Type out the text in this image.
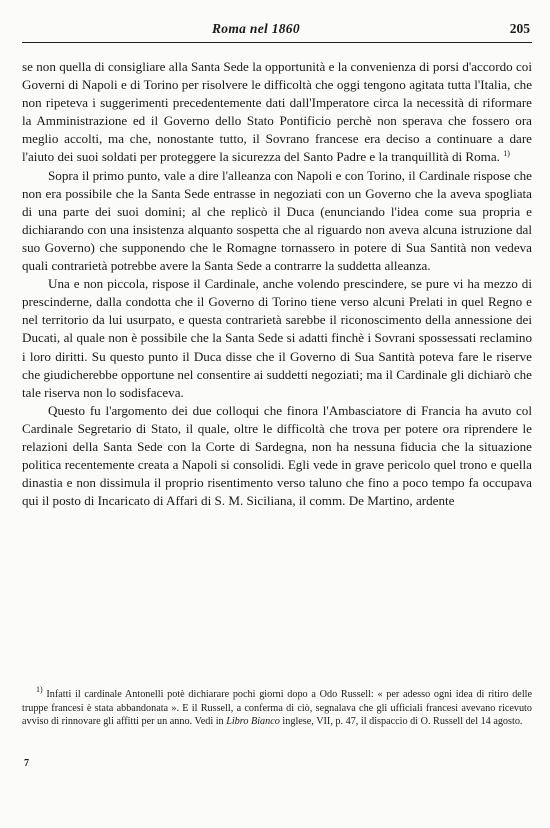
Roma nel 1860	205

se non quella di consigliare alla Santa Sede la opportunità e la convenienza di porsi d'accordo coi Governi di Napoli e di Torino per risolvere le difficoltà che oggi tengono agitata tutta l'Italia, che non ripeteva i suggerimenti precedentemente dati dall'Imperatore circa la necessità di riformare la Amministrazione ed il Governo dello Stato Pontificio perchè non sperava che fossero ora meglio accolti, ma che, nonostante tutto, il Sovrano francese era deciso a continuare a dare l'aiuto dei suoi soldati per proteggere la sicurezza del Santo Padre e la tranquillità di Roma. $^{1)}$

Sopra il primo punto, vale a dire l'alleanza con Napoli e con Torino, il Cardinale rispose che non era possibile che la Santa Sede entrasse in negoziati con un Governo che la aveva spogliata di una parte dei suoi domini; al che replicò il Duca (enunciando l'idea come sua propria e dichiarando con una insistenza alquanto sospetta che al riguardo non aveva alcuna istruzione dal suo Governo) che supponendo che le Romagne tornassero in potere di Sua Santità non vedeva quali contrarietà potrebbe avere la Santa Sede a contrarre la suddetta alleanza.

Una e non piccola, rispose il Cardinale, anche volendo prescindere, se pure vi ha mezzo di prescinderne, dalla condotta che il Governo di Torino tiene verso alcuni Prelati in quel Regno e nel territorio da lui usurpato, e questa contrarietà sarebbe il riconoscimento della annessione dei Ducati, al quale non è possibile che la Santa Sede si adatti finchè i Sovrani spossessati reclamino i loro diritti. Su questo punto il Duca disse che il Governo di Sua Santità poteva fare le riserve che giudicherebbe opportune nel consentire ai suddetti negoziati; ma il Cardinale gli dichiarò che tale riserva non lo sodisfaceva.

Questo fu l'argomento dei due colloqui che finora l'Ambasciatore di Francia ha avuto col Cardinale Segretario di Stato, il quale, oltre le difficoltà che trova per potere ora riprendere le relazioni della Santa Sede con la Corte di Sardegna, non ha nessuna fiducia che la situazione politica recentemente creata a Napoli si consolidi. Egli vede in grave pericolo quel trono e quella dinastia e non dissimula il proprio risentimento verso taluno che fino a poco tempo fa occupava qui il posto di Incaricato di Affari di S. M. Siciliana, il comm. De Martino, ardente

$^{1)}$ Infatti il cardinale Antonelli potè dichiarare pochi giorni dopo a Odo Russell: « per adesso ogni idea di ritiro delle truppe francesi è stata abbandonata ». E il Russell, a conferma di ciò, segnalava che gli ufficiali francesi avevano ricevuto avviso di rinnovare gli affitti per un anno. Vedi in Libro Bianco inglese, VII, p. 47, il dispaccio di O. Russell del 14 agosto.

7
